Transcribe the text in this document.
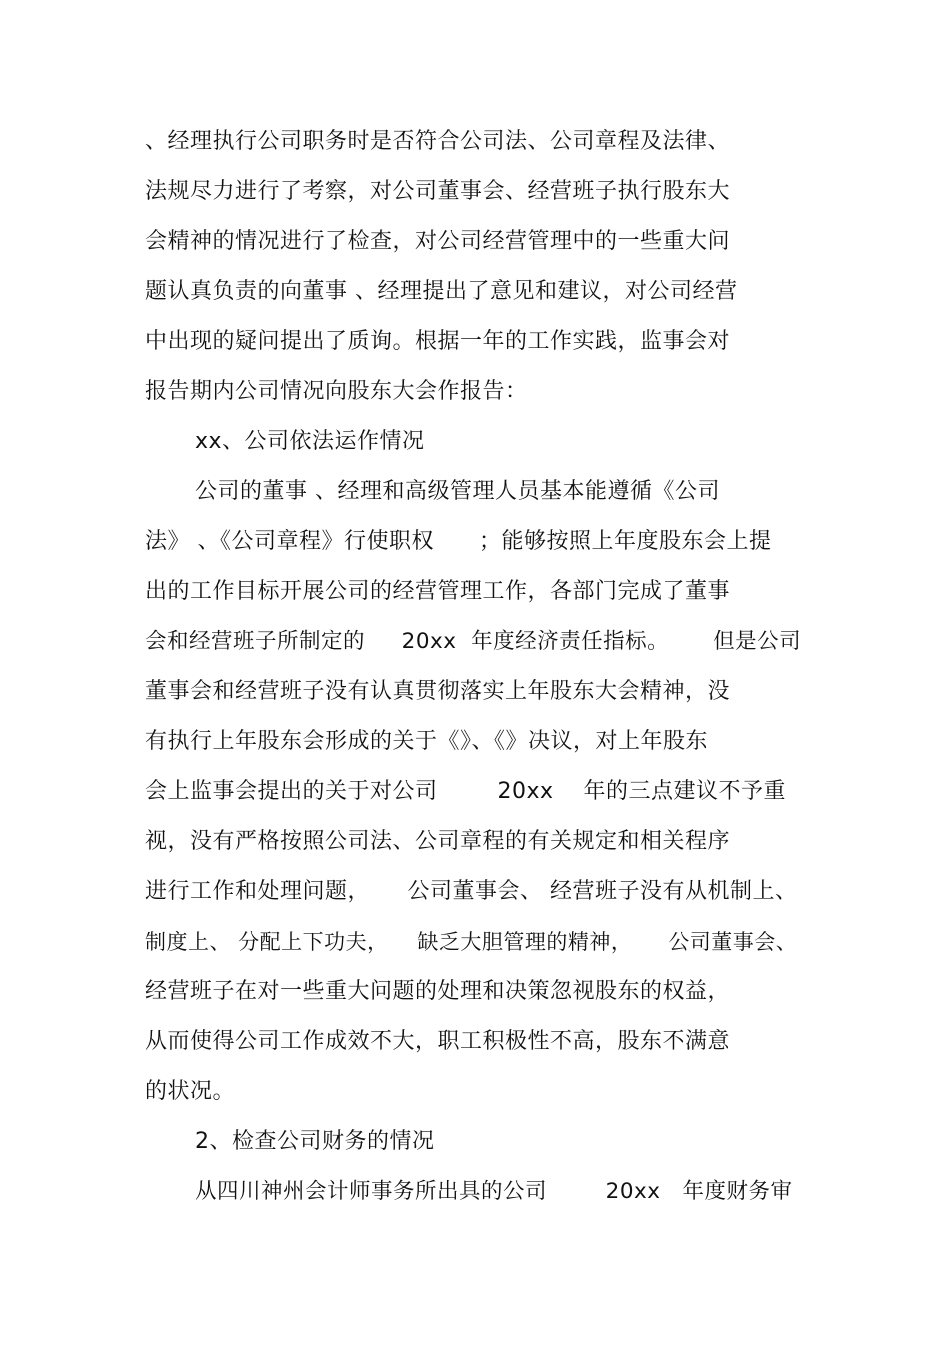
、经理执行公司职务时是否符合公司法、公司章程及法律、
法规尽力进行了考察，对公司董事会、经营班子执行股东大
会精神的情况进行了检查，对公司经营管理中的一些重大问
题认真负责的向董事 、经理提出了意见和建议，对公司经营
中出现的疑问提出了质询。根据一年的工作实践，监事会对
报告期内公司情况向股东大会作报告：
xx、公司依法运作情况
公司的董事 、经理和高级管理人员基本能遵循《公司
法》 、《公司章程》行使职权      ；能够按照上年度股东会上提
出的工作目标开展公司的经营管理工作，各部门完成了董事
会和经营班子所制定的     20xx  年度经济责任指标。      但是公司
董事会和经营班子没有认真贯彻落实上年股东大会精神，没
有执行上年股东会形成的关于《》、《》决议，对上年股东
会上监事会提出的关于对公司        20xx    年的三点建议不予重
视，没有严格按照公司法、公司章程的有关规定和相关程序
进行工作和处理问题，     公司董事会、 经营班子没有从机制上、
制度上、 分配上下功夫，    缺乏大胆管理的精神，     公司董事会、
经营班子在对一些重大问题的处理和决策忽视股东的权益，
从而使得公司工作成效不大，职工积极性不高，股东不满意
的状况。
2、检查公司财务的情况
从四川神州会计师事务所出具的公司        20xx   年度财务审
